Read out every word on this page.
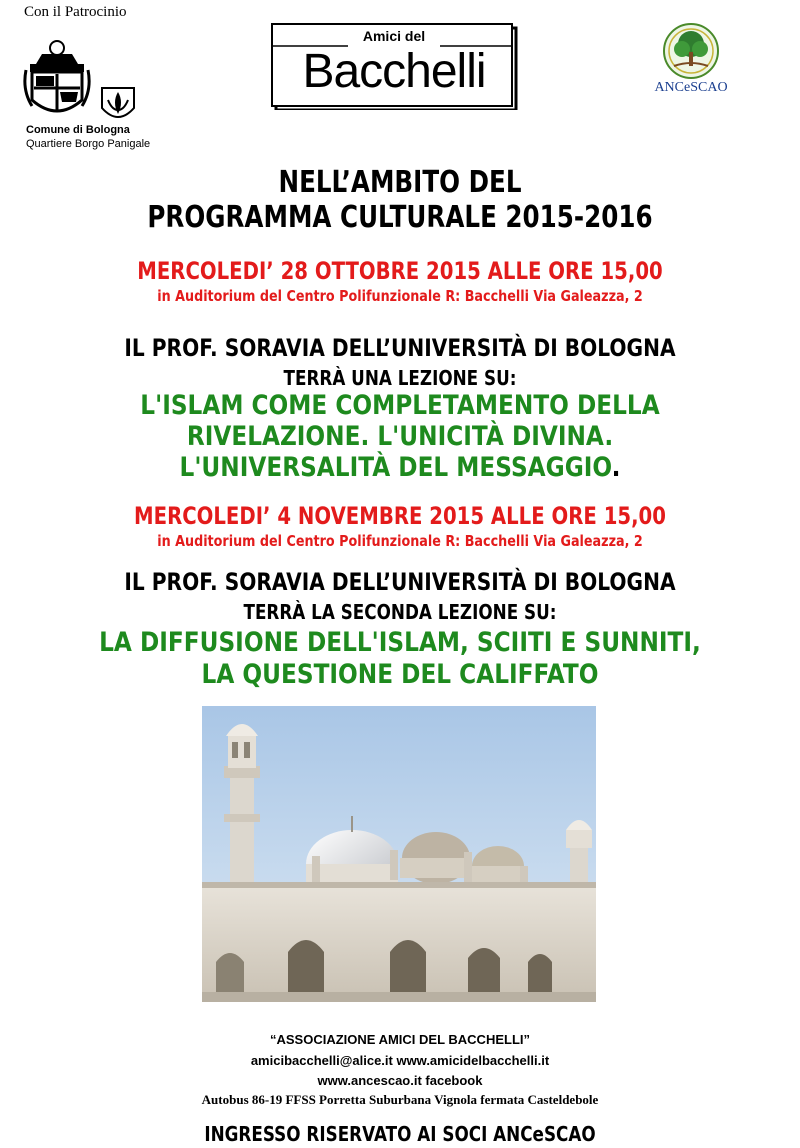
Con il Patrocinio
Comune di Bologna
Quartiere Borgo Panigale
Amici del
Bacchelli	ANCeSCAO
NELL’AMBITO DEL
PROGRAMMA CULTURALE 2015-2016
MERCOLEDI’ 28 OTTOBRE 2015 ALLE ORE 15,00
in Auditorium del Centro Polifunzionale R: Bacchelli Via Galeazza, 2
IL PROF. SORAVIA DELL’UNIVERSITÀ DI BOLOGNA
TERRÀ UNA LEZIONE SU:
L'ISLAM COME COMPLETAMENTO DELLA
RIVELAZIONE. L'UNICITÀ DIVINA.
L'UNIVERSALITÀ DEL MESSAGGIO.
MERCOLEDI’ 4 NOVEMBRE 2015 ALLE ORE 15,00
in Auditorium del Centro Polifunzionale R: Bacchelli Via Galeazza, 2
IL PROF. SORAVIA DELL’UNIVERSITÀ DI BOLOGNA
TERRÀ LA SECONDA LEZIONE SU:
LA DIFFUSIONE DELL'ISLAM, SCIITI E SUNNITI,
LA QUESTIONE DEL CALIFFATO
“ASSOCIAZIONE AMICI DEL BACCHELLI”
amicibacchelli@alice.it www.amicidelbacchelli.it
www.ancescao.it facebook
Autobus 86-19 FFSS Porretta Suburbana Vignola fermata Casteldebole
INGRESSO RISERVATO AI SOCI ANCeSCAO
